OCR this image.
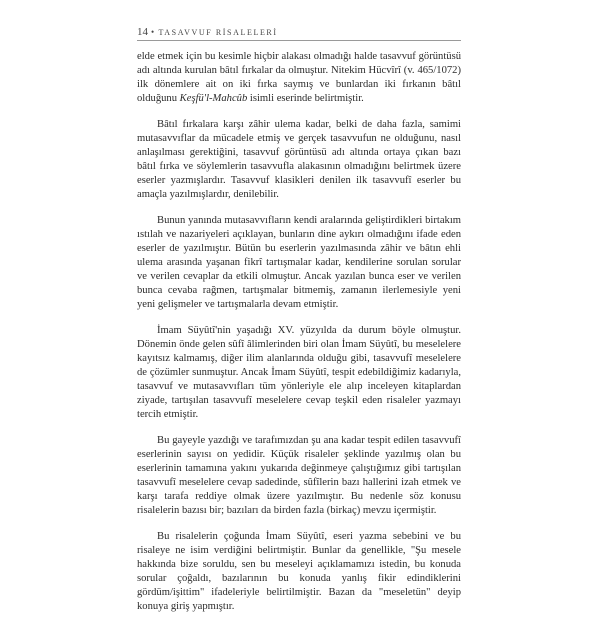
14 • TASAVVUF RİSALELERİ

elde etmek için bu kesimle hiçbir alakası olmadığı halde tasavvuf görüntüsü adı altında kurulan bâtıl fırkalar da olmuştur. Nitekim Hücvîrî (v. 465/1072) ilk dönemlere ait on iki fırka saymış ve bunlardan iki fırkanın bâtıl olduğunu Keşfü'l-Mahcûb isimli eserinde belirtmiştir.

Bâtıl fırkalara karşı zâhir ulema kadar, belki de daha fazla, samimi mutasavvıflar da mücadele etmiş ve gerçek tasavvufun ne olduğunu, nasıl anlaşılması gerektiğini, tasavvuf görüntüsü adı altında ortaya çıkan bazı bâtıl fırka ve söylemlerin tasavvufla alakasının olmadığını belirtmek üzere eserler yazmışlardır. Tasavvuf klasikleri denilen ilk tasavvufî eserler bu amaçla yazılmışlardır, denilebilir.

Bunun yanında mutasavvıfların kendi aralarında geliştirdikleri birtakım ıstılah ve nazariyeleri açıklayan, bunların dine aykırı olmadığını ifade eden eserler de yazılmıştır. Bütün bu eserlerin yazılmasında zâhir ve bâtın ehli ulema arasında yaşanan fikrî tartışmalar kadar, kendilerine sorulan sorular ve verilen cevaplar da etkili olmuştur. Ancak yazılan bunca eser ve verilen bunca cevaba rağmen, tartışmalar bitmemiş, zamanın ilerlemesiyle yeni yeni gelişmeler ve tartışmalarla devam etmiştir.

İmam Süyûtî'nin yaşadığı XV. yüzyılda da durum böyle olmuştur. Dönemin önde gelen sûfî âlimlerinden biri olan İmam Süyûtî, bu meselelere kayıtsız kalmamış, diğer ilim alanlarında olduğu gibi, tasavvufî meselelere de çözümler sunmuştur. Ancak İmam Süyûtî, tespit edebildiğimiz kadarıyla, tasavvuf ve mutasavvıfları tüm yönleriyle ele alıp inceleyen kitaplardan ziyade, tartışılan tasavvufî meselelere cevap teşkil eden risaleler yazmayı tercih etmiştir.

Bu gayeyle yazdığı ve tarafımızdan şu ana kadar tespit edilen tasavvufî eserlerinin sayısı on yedidir. Küçük risaleler şeklinde yazılmış olan bu eserlerinin tamamına yakını yukarıda değinmeye çalıştığımız gibi tartışılan tasavvufî meselelere cevap sadedinde, sûfîlerin bazı hallerini izah etmek ve karşı tarafa reddiye olmak üzere yazılmıştır. Bu nedenle söz konusu risalelerin bazısı bir; bazıları da birden fazla (birkaç) mevzu içermiştir.

Bu risalelerin çoğunda İmam Süyûtî, eseri yazma sebebini ve bu risaleye ne isim verdiğini belirtmiştir. Bunlar da genellikle, "Şu mesele hakkında bize soruldu, sen bu meseleyi açıklamamızı istedin, bu konuda sorular çoğaldı, bazılarının bu konuda yanlış fikir edindiklerini gördüm/işittim" ifadeleriyle belirtilmiştir. Bazan da "meseletün" deyip konuya giriş yapmıştır.
